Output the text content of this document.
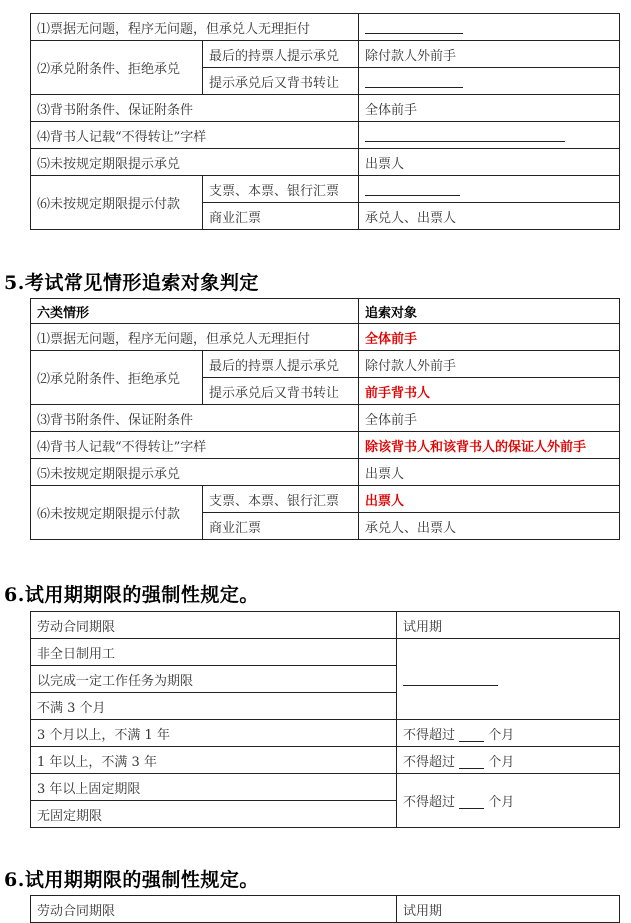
⑴票据无问题，程序无问题，但承兑人无理拒付		
⑵承兑附条件、拒绝承兑	最后的持票人提示承兑	除付款人外前手
	提示承兑后又背书转让	
⑶背书附条件、保证附条件		全体前手
⑷背书人记载“不得转让”字样		
⑸未按规定期限提示承兑		出票人
⑹未按规定期限提示付款	支票、本票、银行汇票	
	商业汇票	承兑人、出票人
5.考试常见情形追索对象判定
六类情形		追索对象
⑴票据无问题，程序无问题，但承兑人无理拒付		全体前手
⑵承兑附条件、拒绝承兑	最后的持票人提示承兑	除付款人外前手
	提示承兑后又背书转让	前手背书人
⑶背书附条件、保证附条件		全体前手
⑷背书人记载“不得转让”字样		除该背书人和该背书人的保证人外前手
⑸未按规定期限提示承兑		出票人
⑹未按规定期限提示付款	支票、本票、银行汇票	出票人
	商业汇票	承兑人、出票人
6.试用期期限的强制性规定。
劳动合同期限	试用期
非全日制用工	
以完成一定工作任务为期限	
不满 3 个月	
3 个月以上，不满 1 年	不得超过 个月
1 年以上，不满 3 年	不得超过 个月
3 年以上固定期限	不得超过 个月
无固定期限	
6.试用期期限的强制性规定。
劳动合同期限	试用期
